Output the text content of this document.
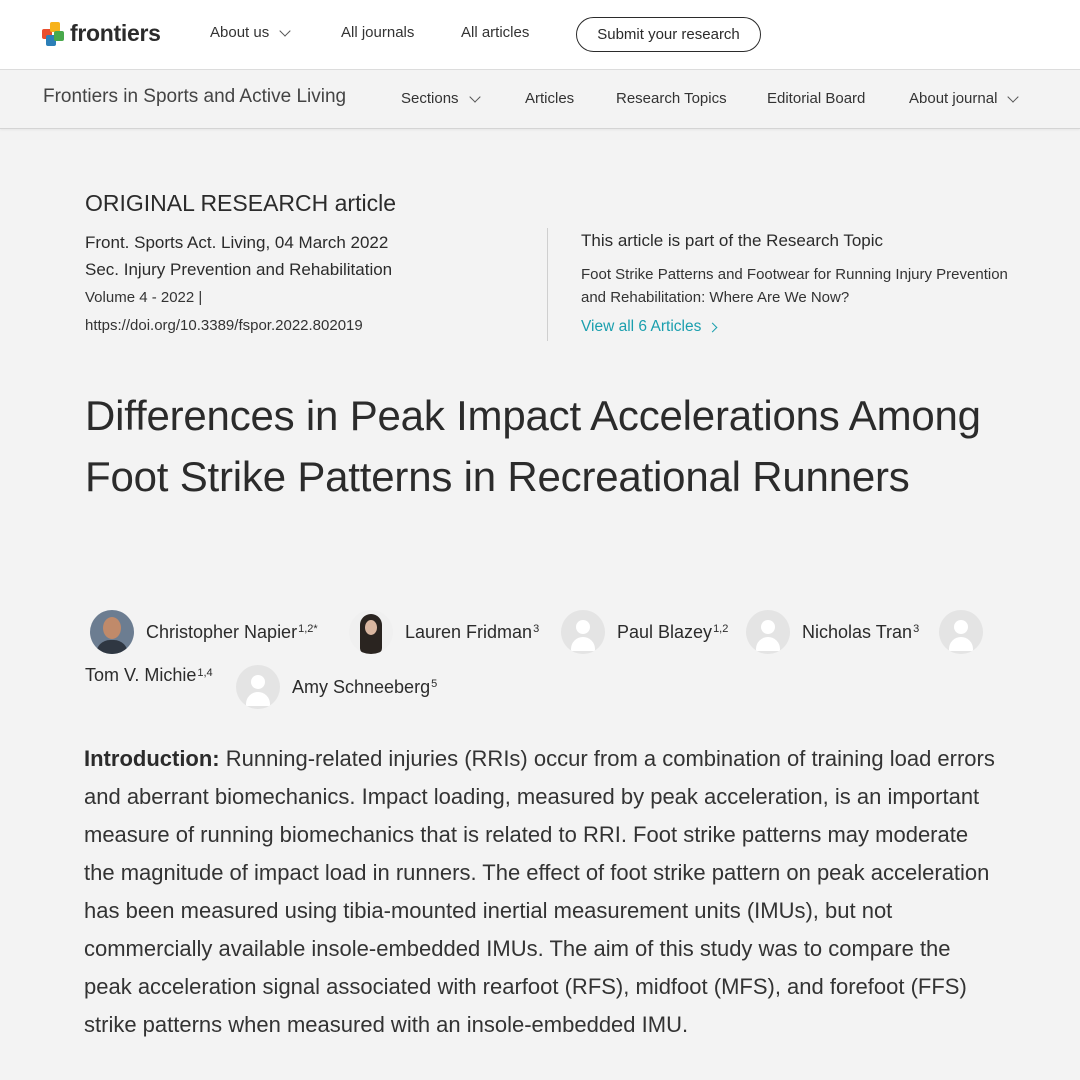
frontiers	About us	All journals	All articles	Submit your research
Frontiers in Sports and Active Living	Sections	Articles	Research Topics	Editorial Board	About journal
ORIGINAL RESEARCH article
Front. Sports Act. Living, 04 March 2022
Sec. Injury Prevention and Rehabilitation
Volume 4 - 2022 |
https://doi.org/10.3389/fspor.2022.802019
This article is part of the Research Topic
Foot Strike Patterns and Footwear for Running Injury Prevention and Rehabilitation: Where Are We Now?
View all 6 Articles
Differences in Peak Impact Accelerations Among Foot Strike Patterns in Recreational Runners
Christopher Napier$^{1,2*}$	Lauren Fridman$^3$	Paul Blazey$^{1,2}$	Nicholas Tran$^3$
Tom V. Michie$^{1,4}$
Amy Schneeberg$^5$
Introduction: Running-related injuries (RRIs) occur from a combination of training load errors and aberrant biomechanics. Impact loading, measured by peak acceleration, is an important measure of running biomechanics that is related to RRI. Foot strike patterns may moderate the magnitude of impact load in runners. The effect of foot strike pattern on peak acceleration has been measured using tibia-mounted inertial measurement units (IMUs), but not commercially available insole-embedded IMUs. The aim of this study was to compare the peak acceleration signal associated with rearfoot (RFS), midfoot (MFS), and forefoot (FFS) strike patterns when measured with an insole-embedded IMU.
